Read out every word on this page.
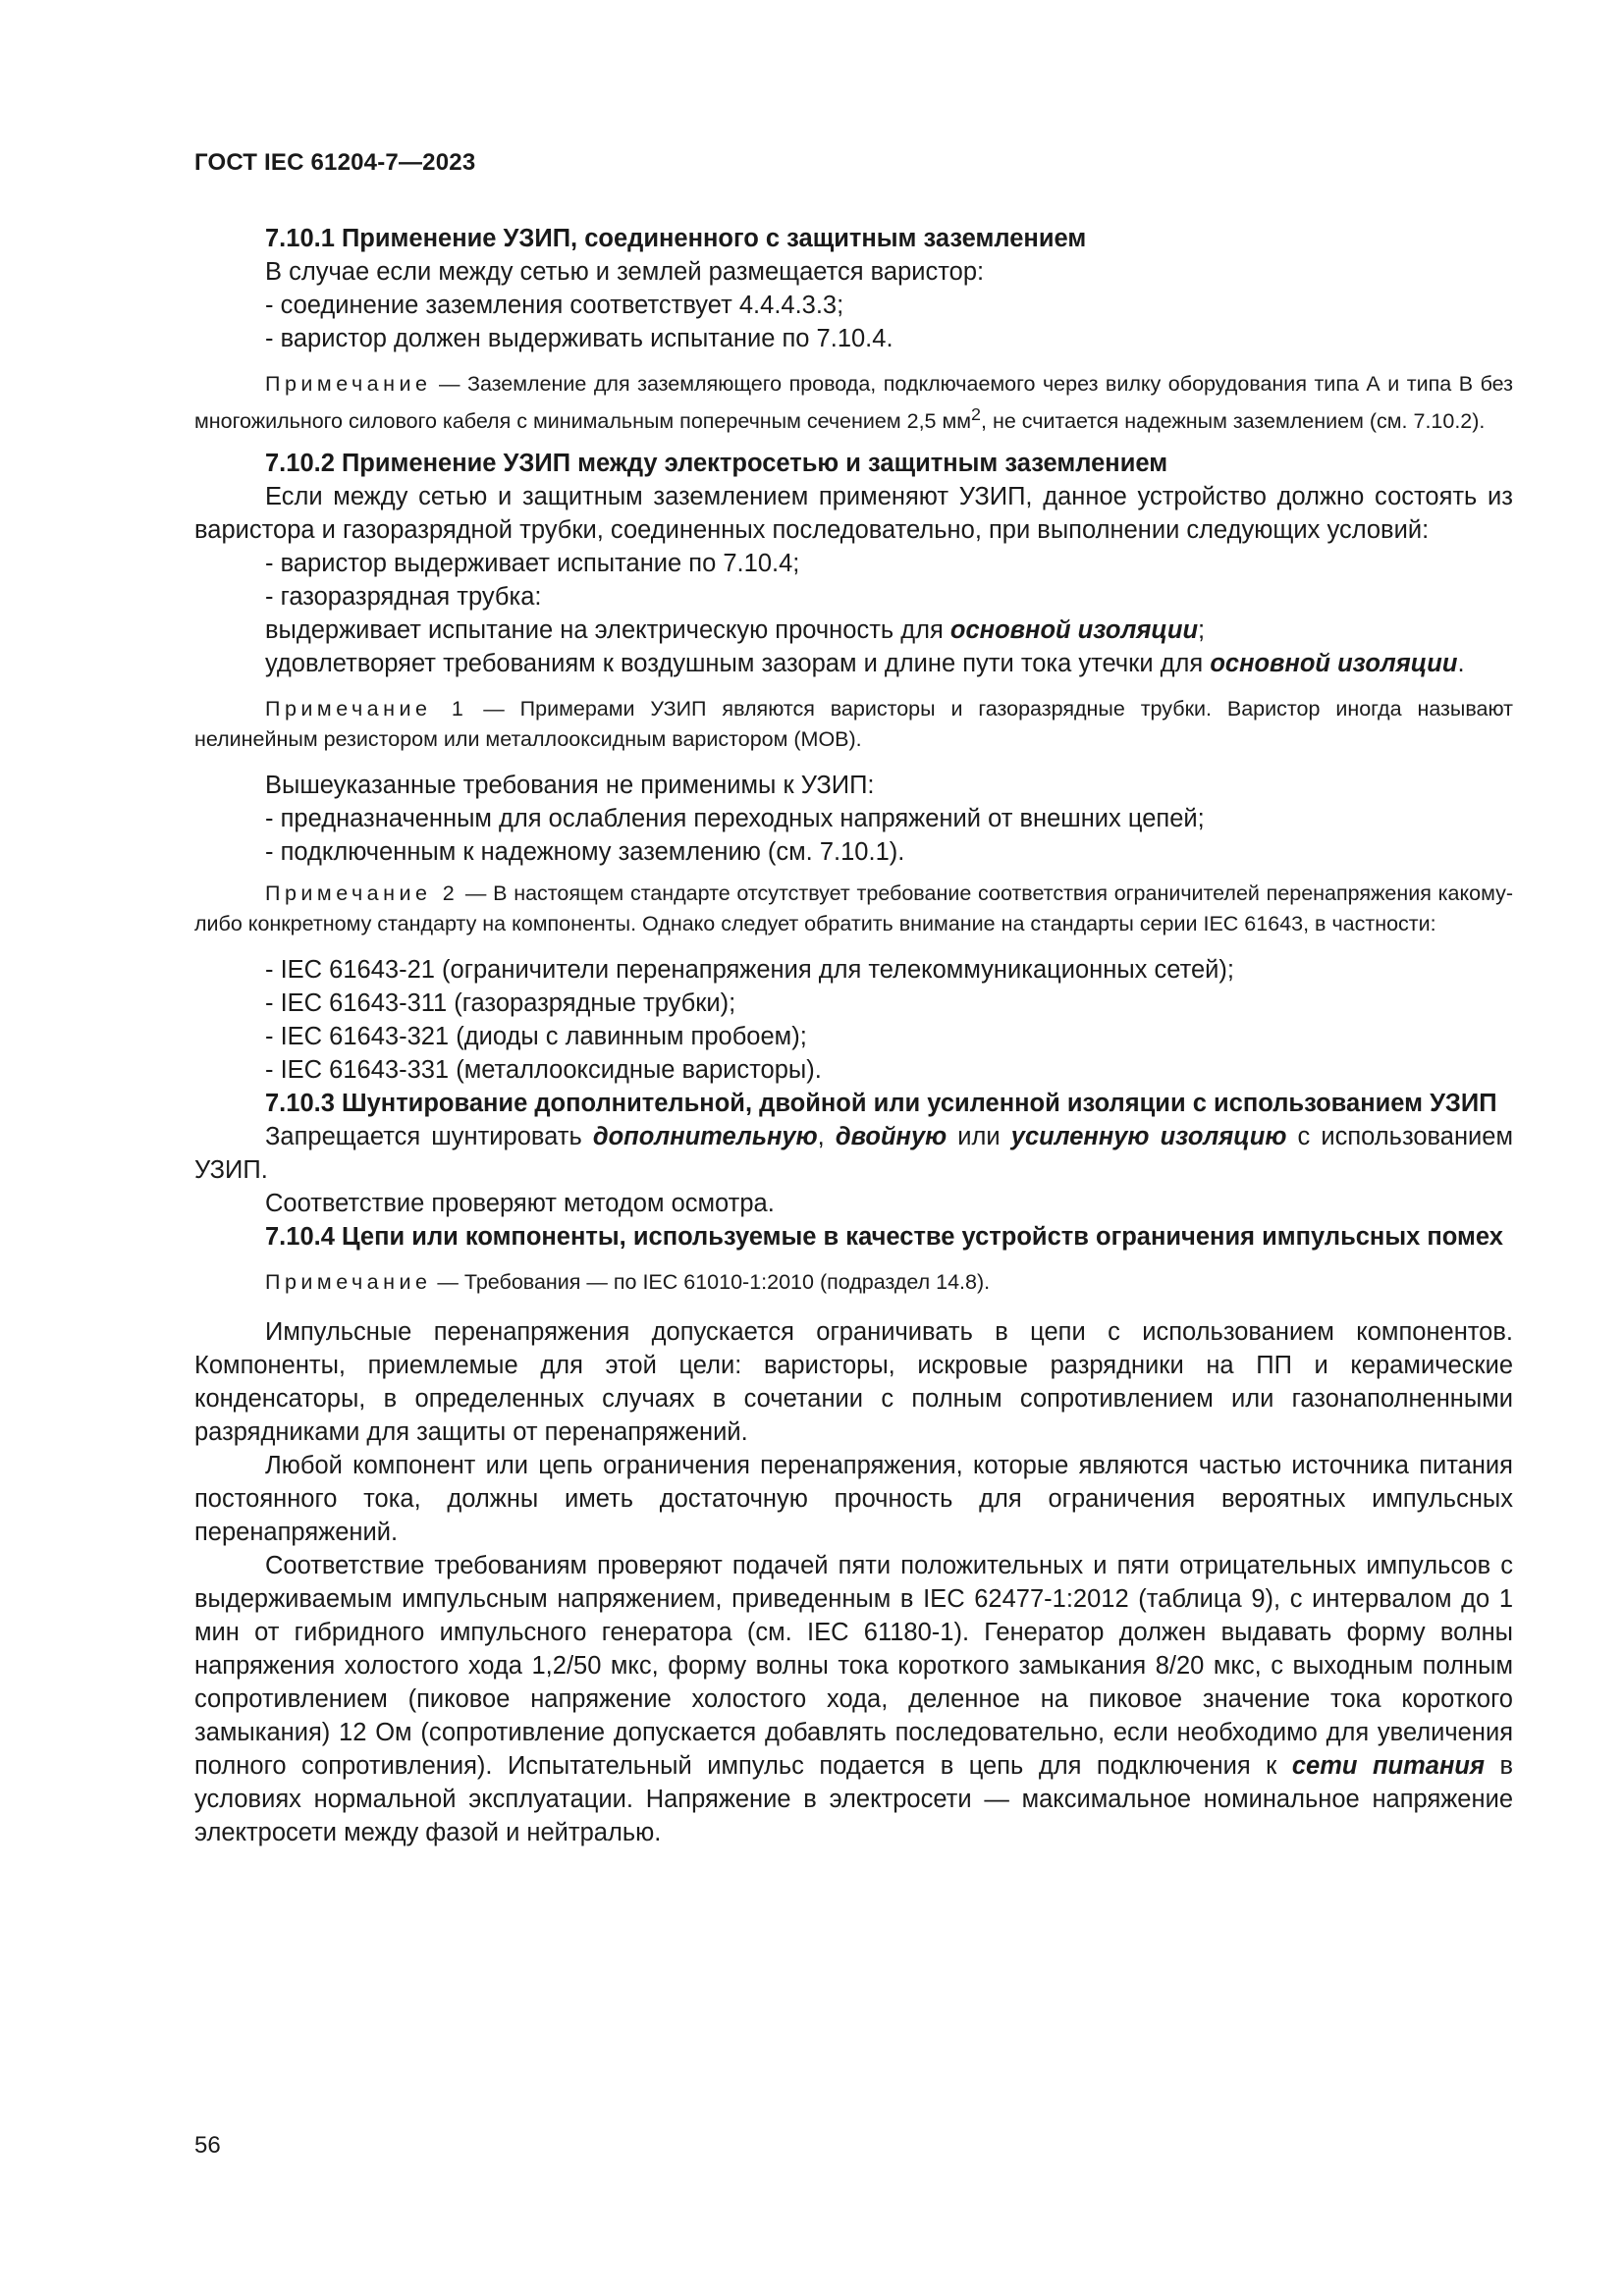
ГОСТ IEC 61204-7—2023

7.10.1 Применение УЗИП, соединенного с защитным заземлением

В случае если между сетью и землей размещается варистор:

- соединение заземления соответствует 4.4.4.3.3;

- варистор должен выдерживать испытание по 7.10.4.

Примечание — Заземление для заземляющего провода, подключаемого через вилку оборудования типа А и типа В без многожильного силового кабеля с минимальным поперечным сечением 2,5 $мм^2$, не считается надежным заземлением (см. 7.10.2).

7.10.2 Применение УЗИП между электросетью и защитным заземлением

Если между сетью и защитным заземлением применяют УЗИП, данное устройство должно состоять из варистора и газоразрядной трубки, соединенных последовательно, при выполнении следующих условий:

- варистор выдерживает испытание по 7.10.4;

- газоразрядная трубка:

выдерживает испытание на электрическую прочность для основной изоляции;

удовлетворяет требованиям к воздушным зазорам и длине пути тока утечки для основной изоляции.

Примечание 1 — Примерами УЗИП являются варисторы и газоразрядные трубки. Варистор иногда называют нелинейным резистором или металлооксидным варистором (MOB).

Вышеуказанные требования не применимы к УЗИП:

- предназначенным для ослабления переходных напряжений от внешних цепей;

- подключенным к надежному заземлению (см. 7.10.1).

Примечание 2 — В настоящем стандарте отсутствует требование соответствия ограничителей перенапряжения какому-либо конкретному стандарту на компоненты. Однако следует обратить внимание на стандарты серии IEC 61643, в частности:

- IEC 61643-21 (ограничители перенапряжения для телекоммуникационных сетей);

- IEC 61643-311 (газоразрядные трубки);

- IEC 61643-321 (диоды с лавинным пробоем);

- IEC 61643-331 (металлооксидные варисторы).

7.10.3 Шунтирование дополнительной, двойной или усиленной изоляции с использованием УЗИП

Запрещается шунтировать дополнительную, двойную или усиленную изоляцию с использованием УЗИП.

Соответствие проверяют методом осмотра.

7.10.4 Цепи или компоненты, используемые в качестве устройств ограничения импульсных помех

Примечание — Требования — по IEC 61010-1:2010 (подраздел 14.8).

Импульсные перенапряжения допускается ограничивать в цепи с использованием компонентов. Компоненты, приемлемые для этой цели: варисторы, искровые разрядники на ПП и керамические конденсаторы, в определенных случаях в сочетании с полным сопротивлением или газонаполненными разрядниками для защиты от перенапряжений.

Любой компонент или цепь ограничения перенапряжения, которые являются частью источника питания постоянного тока, должны иметь достаточную прочность для ограничения вероятных импульсных перенапряжений.

Соответствие требованиям проверяют подачей пяти положительных и пяти отрицательных импульсов с выдерживаемым импульсным напряжением, приведенным в IEC 62477-1:2012 (таблица 9), с интервалом до 1 мин от гибридного импульсного генератора (см. IEC 61180-1). Генератор должен выдавать форму волны напряжения холостого хода 1,2/50 мкс, форму волны тока короткого замыкания 8/20 мкс, с выходным полным сопротивлением (пиковое напряжение холостого хода, деленное на пиковое значение тока короткого замыкания) 12 Ом (сопротивление допускается добавлять последовательно, если необходимо для увеличения полного сопротивления). Испытательный импульс подается в цепь для подключения к сети питания в условиях нормальной эксплуатации. Напряжение в электросети — максимальное номинальное напряжение электросети между фазой и нейтралью.

56
